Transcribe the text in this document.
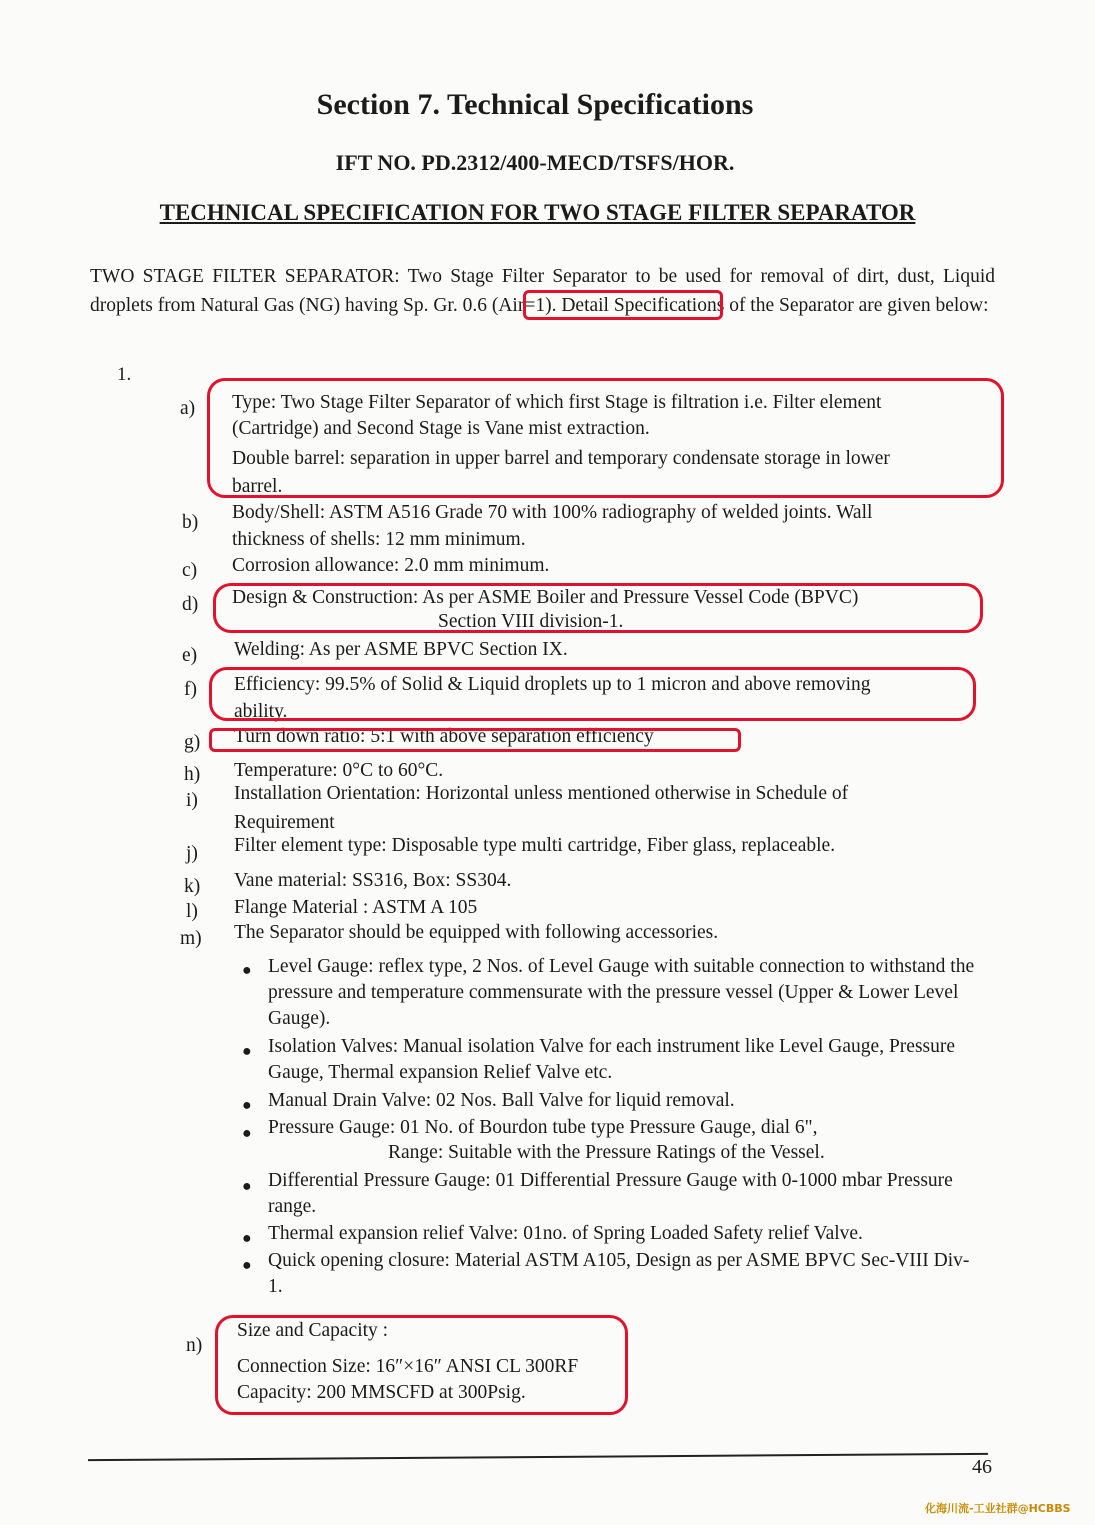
Section 7. Technical Specifications
IFT NO. PD.2312/400-MECD/TSFS/HOR.
TECHNICAL SPECIFICATION FOR TWO STAGE FILTER SEPARATOR
TWO STAGE FILTER SEPARATOR: Two Stage Filter Separator to be used for removal of dirt, dust, Liquid droplets from Natural Gas (NG) having Sp. Gr. 0.6 (Air=1). Detail Specifications of the Separator are given below:
1.
a) Type: Two Stage Filter Separator of which first Stage is filtration i.e. Filter element
(Cartridge) and Second Stage is Vane mist extraction.
Double barrel: separation in upper barrel and temporary condensate storage in lower
barrel.
b) Body/Shell: ASTM A516 Grade 70 with 100% radiography of welded joints. Wall
thickness of shells: 12 mm minimum.
c) Corrosion allowance: 2.0 mm minimum.
d) Design & Construction: As per ASME Boiler and Pressure Vessel Code (BPVC)
Section VIII division-1.
e) Welding: As per ASME BPVC Section IX.
f) Efficiency: 99.5% of Solid & Liquid droplets up to 1 micron and above removing
ability.
g) Turn down ratio: 5:1 with above separation efficiency
h) Temperature: 0°C to 60°C.
i) Installation Orientation: Horizontal unless mentioned otherwise in Schedule of
Requirement
j) Filter element type: Disposable type multi cartridge, Fiber glass, replaceable.
k) Vane material: SS316, Box: SS304.
l) Flange Material : ASTM A 105
m) The Separator should be equipped with following accessories.
● Level Gauge: reflex type, 2 Nos. of Level Gauge with suitable connection to withstand the pressure and temperature commensurate with the pressure vessel (Upper & Lower Level Gauge).
● Isolation Valves: Manual isolation Valve for each instrument like Level Gauge, Pressure Gauge, Thermal expansion Relief Valve etc.
● Manual Drain Valve: 02 Nos. Ball Valve for liquid removal.
● Pressure Gauge: 01 No. of Bourdon tube type Pressure Gauge, dial 6",
Range: Suitable with the Pressure Ratings of the Vessel.
● Differential Pressure Gauge: 01 Differential Pressure Gauge with 0-1000 mbar Pressure range.
● Thermal expansion relief Valve: 01no. of Spring Loaded Safety relief Valve.
● Quick opening closure: Material ASTM A105, Design as per ASME BPVC Sec-VIII Div-1.
n)
Size and Capacity :
Connection Size: 16″×16″ ANSI CL 300RF
Capacity: 200 MMSCFD at 300Psig.
46
化海川流-工业社群@HCBBS
